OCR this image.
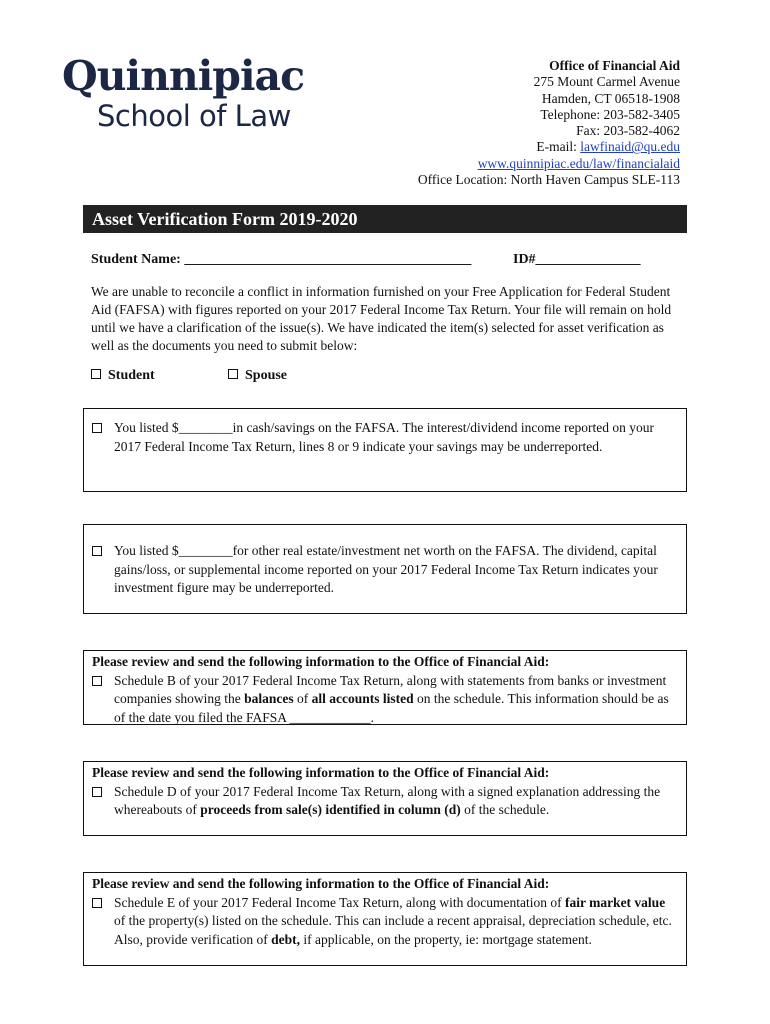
Quinnipiac
School of Law
Office of Financial Aid
275 Mount Carmel Avenue
Hamden, CT 06518-1908
Telephone: 203-582-3405
Fax: 203-582-4062
E-mail: lawfinaid@qu.edu
www.quinnipiac.edu/law/financialaid
Office Location: North Haven Campus SLE-113
Asset Verification Form 2019-2020
Student Name: _________________________________________	ID#_______________
We are unable to reconcile a conflict in information furnished on your Free Application for Federal Student Aid (FAFSA) with figures reported on your 2017 Federal Income Tax Return. Your file will remain on hold until we have a clarification of the issue(s). We have indicated the item(s) selected for asset verification as well as the documents you need to submit below:
Student	Spouse
You listed $________in cash/savings on the FAFSA. The interest/dividend income reported on your 2017 Federal Income Tax Return, lines 8 or 9 indicate your savings may be underreported.
You listed $________for other real estate/investment net worth on the FAFSA. The dividend, capital gains/loss, or supplemental income reported on your 2017 Federal Income Tax Return indicates your investment figure may be underreported.
Please review and send the following information to the Office of Financial Aid:
Schedule B of your 2017 Federal Income Tax Return, along with statements from banks or investment companies showing the balances of all accounts listed on the schedule. This information should be as of the date you filed the FAFSA ____________.
Please review and send the following information to the Office of Financial Aid:
Schedule D of your 2017 Federal Income Tax Return, along with a signed explanation addressing the whereabouts of proceeds from sale(s) identified in column (d) of the schedule.
Please review and send the following information to the Office of Financial Aid:
Schedule E of your 2017 Federal Income Tax Return, along with documentation of fair market value of the property(s) listed on the schedule. This can include a recent appraisal, depreciation schedule, etc. Also, provide verification of debt, if applicable, on the property, ie: mortgage statement.
